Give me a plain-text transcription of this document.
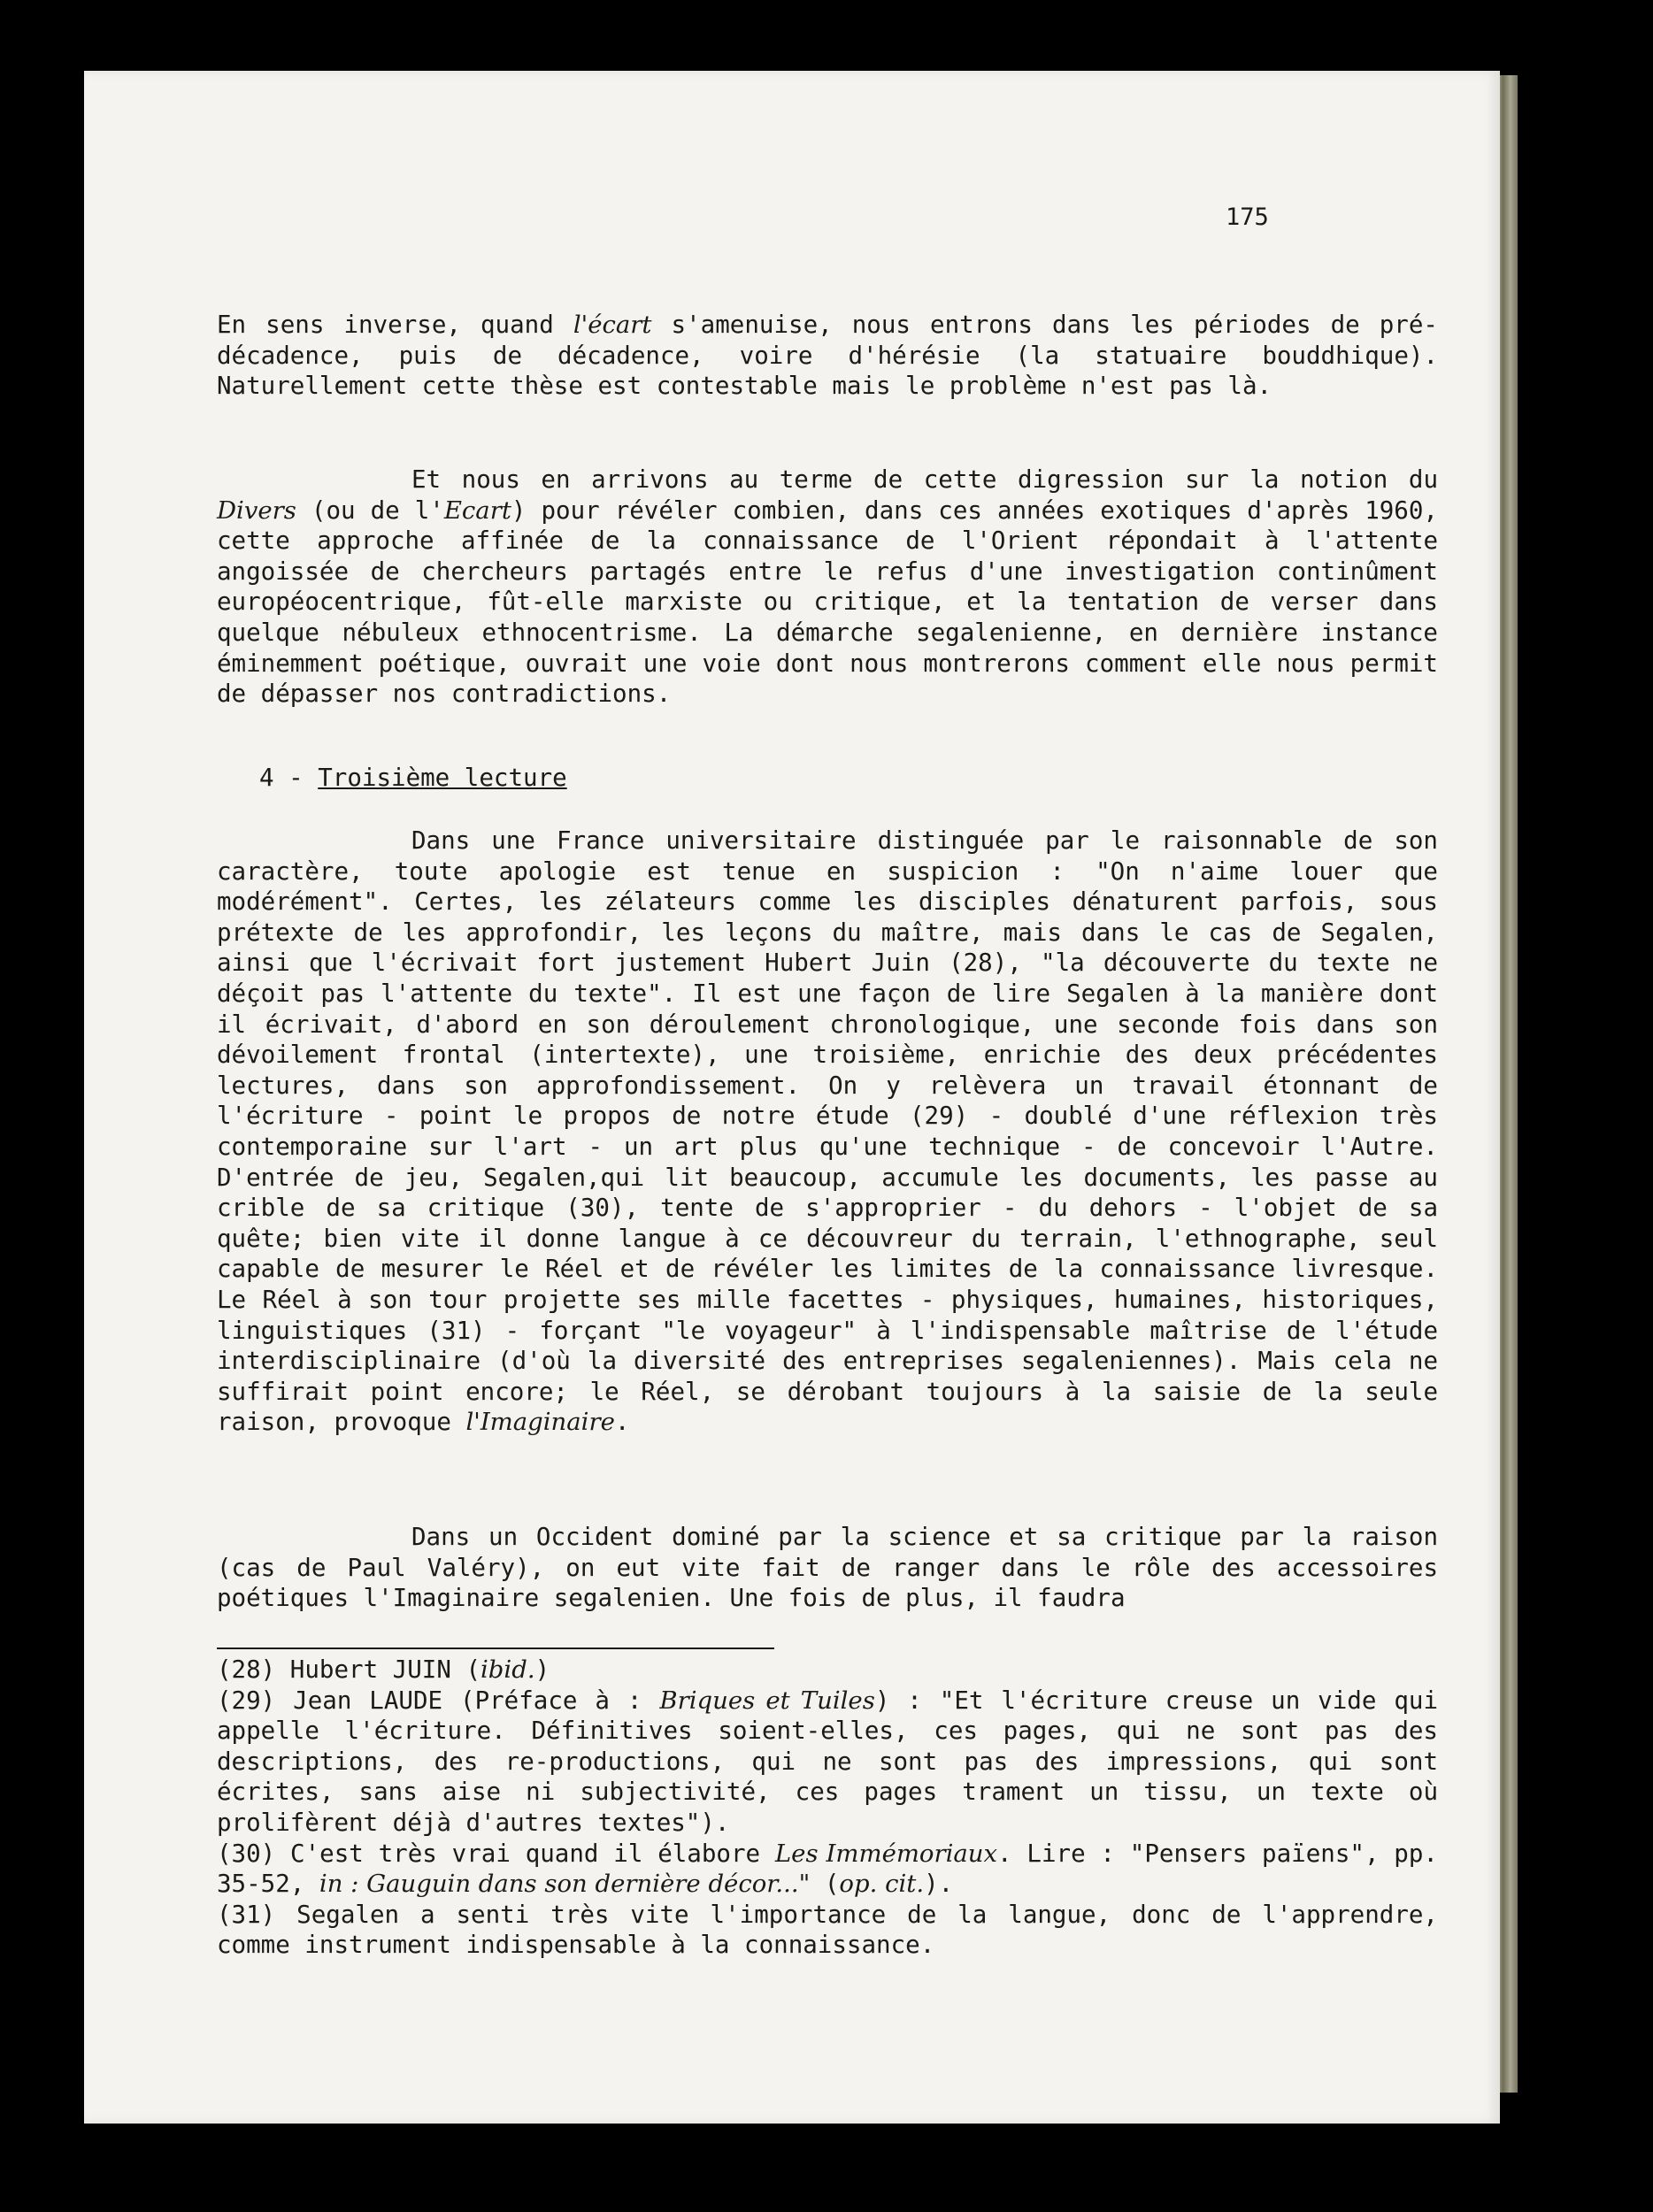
175

En sens inverse, quand l'écart s'amenuise, nous entrons dans les périodes de pré-décadence, puis de décadence, voire d'hérésie (la statuaire bouddhique). Naturellement cette thèse est contestable mais le problème n'est pas là.

Et nous en arrivons au terme de cette digression sur la notion du Divers (ou de l'Ecart) pour révéler combien, dans ces années exotiques d'après 1960, cette approche affinée de la connaissance de l'Orient répondait à l'attente angoissée de chercheurs partagés entre le refus d'une investigation continûment européocentrique, fût-elle marxiste ou critique, et la tentation de verser dans quelque nébuleux ethnocentrisme. La démarche segalenienne, en dernière instance éminemment poétique, ouvrait une voie dont nous montrerons comment elle nous permit de dépasser nos contradictions.

4 - Troisième lecture

Dans une France universitaire distinguée par le raisonnable de son caractère, toute apologie est tenue en suspicion : "On n'aime louer que modérément". Certes, les zélateurs comme les disciples dénaturent parfois, sous prétexte de les approfondir, les leçons du maître, mais dans le cas de Segalen, ainsi que l'écrivait fort justement Hubert Juin (28), "la découverte du texte ne déçoit pas l'attente du texte". Il est une façon de lire Segalen à la manière dont il écrivait, d'abord en son déroulement chronologique, une seconde fois dans son dévoilement frontal (intertexte), une troisième, enrichie des deux précédentes lectures, dans son approfondissement. On y relèvera un travail étonnant de l'écriture - point le propos de notre étude (29) - doublé d'une réflexion très contemporaine sur l'art - un art plus qu'une technique - de concevoir l'Autre. D'entrée de jeu, Segalen,qui lit beaucoup, accumule les documents, les passe au crible de sa critique (30), tente de s'approprier - du dehors - l'objet de sa quête; bien vite il donne langue à ce découvreur du terrain, l'ethnographe, seul capable de mesurer le Réel et de révéler les limites de la connaissance livresque. Le Réel à son tour projette ses mille facettes - physiques, humaines, historiques, linguistiques (31) - forçant "le voyageur" à l'indispensable maîtrise de l'étude interdisciplinaire (d'où la diversité des entreprises segaleniennes). Mais cela ne suffirait point encore; le Réel, se dérobant toujours à la saisie de la seule raison, provoque l'Imaginaire.

Dans un Occident dominé par la science et sa critique par la raison (cas de Paul Valéry), on eut vite fait de ranger dans le rôle des accessoires poétiques l'Imaginaire segalenien. Une fois de plus, il faudra

(28) Hubert JUIN (ibid.)

(29) Jean LAUDE (Préface à : Briques et Tuiles) : "Et l'écriture creuse un vide qui appelle l'écriture. Définitives soient-elles, ces pages, qui ne sont pas des descriptions, des re-productions, qui ne sont pas des impressions, qui sont écrites, sans aise ni subjectivité, ces pages trament un tissu, un texte où prolifèrent déjà d'autres textes").

(30) C'est très vrai quand il élabore Les Immémoriaux. Lire : "Pensers païens", pp. 35-52, in : Gauguin dans son dernière décor..." (op. cit.).

(31) Segalen a senti très vite l'importance de la langue, donc de l'apprendre, comme instrument indispensable à la connaissance.
